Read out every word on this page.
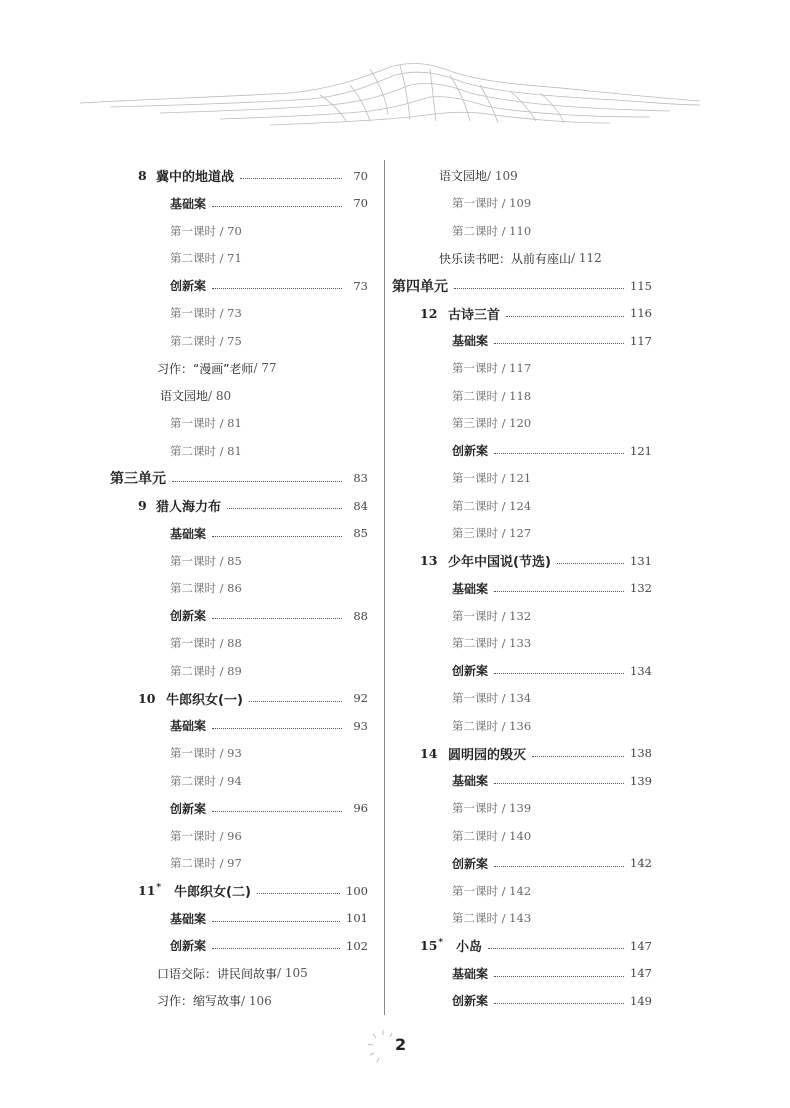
8 冀中的地道战	70
基础案	70
第一课时 / 70
第二课时 / 71
创新案	73
第一课时 / 73
第二课时 / 75
习作：“漫画”老师 / 77
语文园地 / 80
第一课时 / 81
第二课时 / 81
第三单元	83
9 猎人海力布	84
基础案	85
第一课时 / 85
第二课时 / 86
创新案	88
第一课时 / 88
第二课时 / 89
10 牛郎织女(一)	92
基础案	93
第一课时 / 93
第二课时 / 94
创新案	96
第一课时 / 96
第二课时 / 97
11* 牛郎织女(二)	100
基础案	101
创新案	102
口语交际：讲民间故事 / 105
习作：缩写故事 / 106
语文园地 / 109
第一课时 / 109
第二课时 / 110
快乐读书吧：从前有座山 / 112
第四单元	115
12 古诗三首	116
基础案	117
第一课时 / 117
第二课时 / 118
第三课时 / 120
创新案	121
第一课时 / 121
第二课时 / 124
第三课时 / 127
13 少年中国说(节选)	131
基础案	132
第一课时 / 132
第二课时 / 133
创新案	134
第一课时 / 134
第二课时 / 136
14 圆明园的毁灭	138
基础案	139
第一课时 / 139
第二课时 / 140
创新案	142
第一课时 / 142
第二课时 / 143
15* 小岛	147
基础案	147
创新案	149
2
